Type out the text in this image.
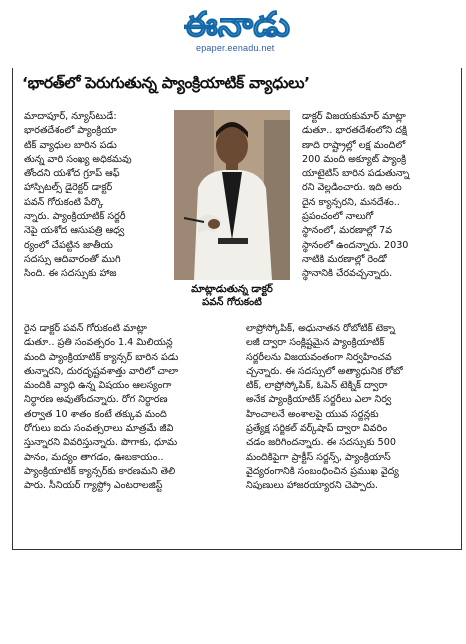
ఈనాడు
epaper.eenadu.net
‘భారత్‌లో పెరుగుతున్న ప్యాంక్రియాటిక్ వ్యాధులు’
మాదాపూర్, న్యూస్‌టుడే:
భారతదేశంలో ప్యాంక్రియా
టిక్ వ్యాధుల బారిన పడు
తున్న వారి సంఖ్య అధికమవు
తోందని యశోద గ్రూప్ ఆఫ్
హాస్పిటల్స్ డైరెక్టర్ డాక్టర్
పవన్ గోరుకంటి పేర్కొ
న్నారు. ప్యాంక్రియాటిక్ సర్జరీ
నెపై యశోద ఆసుపత్రి ఆధ్వ
ర్యంలో చేపట్టిన జాతీయ
సదస్సు ఆదివారంతో ముగి
సింది. ఈ సదస్సుకు హాజ
మాట్లాడుతున్న డాక్టర్
పవన్ గోరుకంటి
డాక్టర్ విజయకుమార్ మాట్లా
డుతూ.. భారతదేశంలోని దక్షి
ణాది రాష్ట్రాల్లో లక్ష మందిలో
200 మంది అక్యూట్ ప్యాంక్రి
యాటైటిస్ బారిన పడుతున్నా
రని వెల్లడించారు. ఇది అరు
దైన క్యాన్సరని, మనదేశం..
ప్రపంచంలో నాలుగో
స్థానంలో, మరణాల్లో 7వ
స్థానంలో ఉందన్నారు. 2030
నాటికి మరణాల్లో రెండో
స్థానానికి చేరవచ్చన్నారు.
రైన డాక్టర్ పవన్ గోరుకంటి మాట్లా
డుతూ.. ప్రతి సంవత్సరం 1.4 మిలియన్ల
మంది ప్యాంక్రియాటిక్ క్యాన్సర్ బారిన పడు
తున్నారని, దురదృష్టవశాత్తు వారిలో చాలా
మందికి వ్యాధి ఉన్న విషయం ఆలస్యంగా
నిర్ధారణ అవుతోందన్నారు. రోగ నిర్ధారణ
తర్వాత 10 శాతం కంటే తక్కువ మంది
రోగులు ఐదు సంవత్సరాలు మాత్రమే జీవి
స్తున్నారని వివరిస్తున్నారు. పొగాకు, ధూమ
పానం, మద్యం తాగడం, ఊబకాయం..
ప్యాంక్రియాటిక్ క్యాన్సర్‌కు కారణమని తెలి
పారు. సీనియర్ గ్యాస్ట్రో ఎంటరాలజిస్ట్
లాప్రోస్కోపిక్, అధునాతన రోబోటిక్ టెక్నా
లజీ ద్వారా సంక్లిష్టమైన ప్యాంక్రియాటిక్
సర్జరీలను విజయవంతంగా నిర్వహించవ
చ్చన్నారు. ఈ సదస్సులో అత్యాధునిక రోబో
టిక్, లాప్రోస్కోపిక్, ఓపెన్ టెక్నిక్ ద్వారా
అనేక ప్యాంక్రియాటిక్ సర్జరీలు ఎలా నిర్వ
హించాలనే అంశాలపై యువ సర్జన్లకు
ప్రత్యేక్ష సర్జికల్ వర్క్‌షాప్ ద్వారా వివరిం
చడం జరిగిందన్నారు. ఈ సదస్సుకు 500
మందికిపైగా ప్రాక్టీస్ సర్జన్స్, ప్యాంక్రియాస్
వైద్యరంగానికి సంబంధించిన ప్రముఖ వైద్య
నిపుణులు హాజరయ్యారని చెప్పారు.
